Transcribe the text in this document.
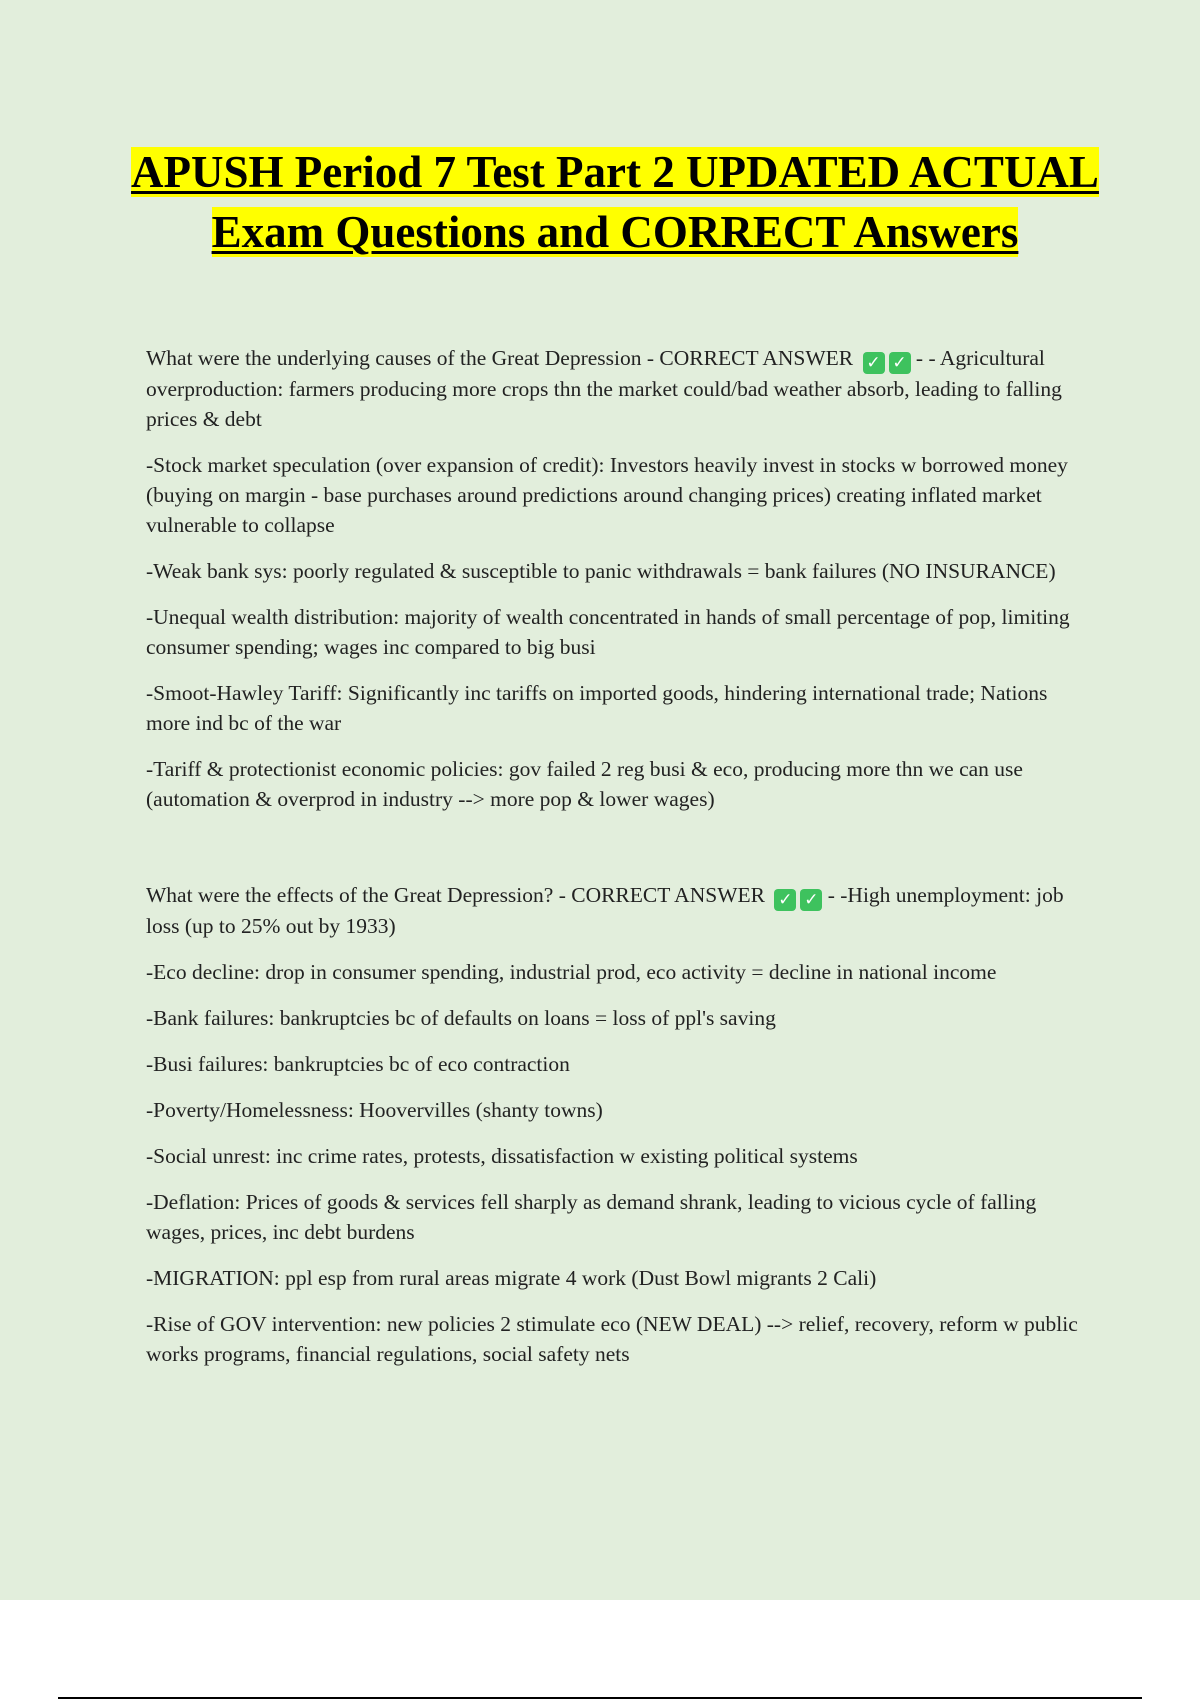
APUSH Period 7 Test Part 2 UPDATED ACTUAL Exam Questions and CORRECT Answers

What were the underlying causes of the Great Depression - CORRECT ANSWER ✓ ✓ - - Agricultural overproduction: farmers producing more crops thn the market could/bad weather absorb, leading to falling prices & debt

-Stock market speculation (over expansion of credit): Investors heavily invest in stocks w borrowed money (buying on margin - base purchases around predictions around changing prices) creating inflated market vulnerable to collapse

-Weak bank sys: poorly regulated & susceptible to panic withdrawals = bank failures (NO INSURANCE)

-Unequal wealth distribution: majority of wealth concentrated in hands of small percentage of pop, limiting consumer spending; wages inc compared to big busi

-Smoot-Hawley Tariff: Significantly inc tariffs on imported goods, hindering international trade; Nations more ind bc of the war

-Tariff & protectionist economic policies: gov failed 2 reg busi & eco, producing more thn we can use (automation & overprod in industry --> more pop & lower wages)

What were the effects of the Great Depression? - CORRECT ANSWER ✓ ✓ - -High unemployment: job loss (up to 25% out by 1933)

-Eco decline: drop in consumer spending, industrial prod, eco activity = decline in national income

-Bank failures: bankruptcies bc of defaults on loans = loss of ppl's saving

-Busi failures: bankruptcies bc of eco contraction

-Poverty/Homelessness: Hoovervilles (shanty towns)

-Social unrest: inc crime rates, protests, dissatisfaction w existing political systems

-Deflation: Prices of goods & services fell sharply as demand shrank, leading to vicious cycle of falling wages, prices, inc debt burdens

-MIGRATION: ppl esp from rural areas migrate 4 work (Dust Bowl migrants 2 Cali)

-Rise of GOV intervention: new policies 2 stimulate eco (NEW DEAL) --> relief, recovery, reform w public works programs, financial regulations, social safety nets
